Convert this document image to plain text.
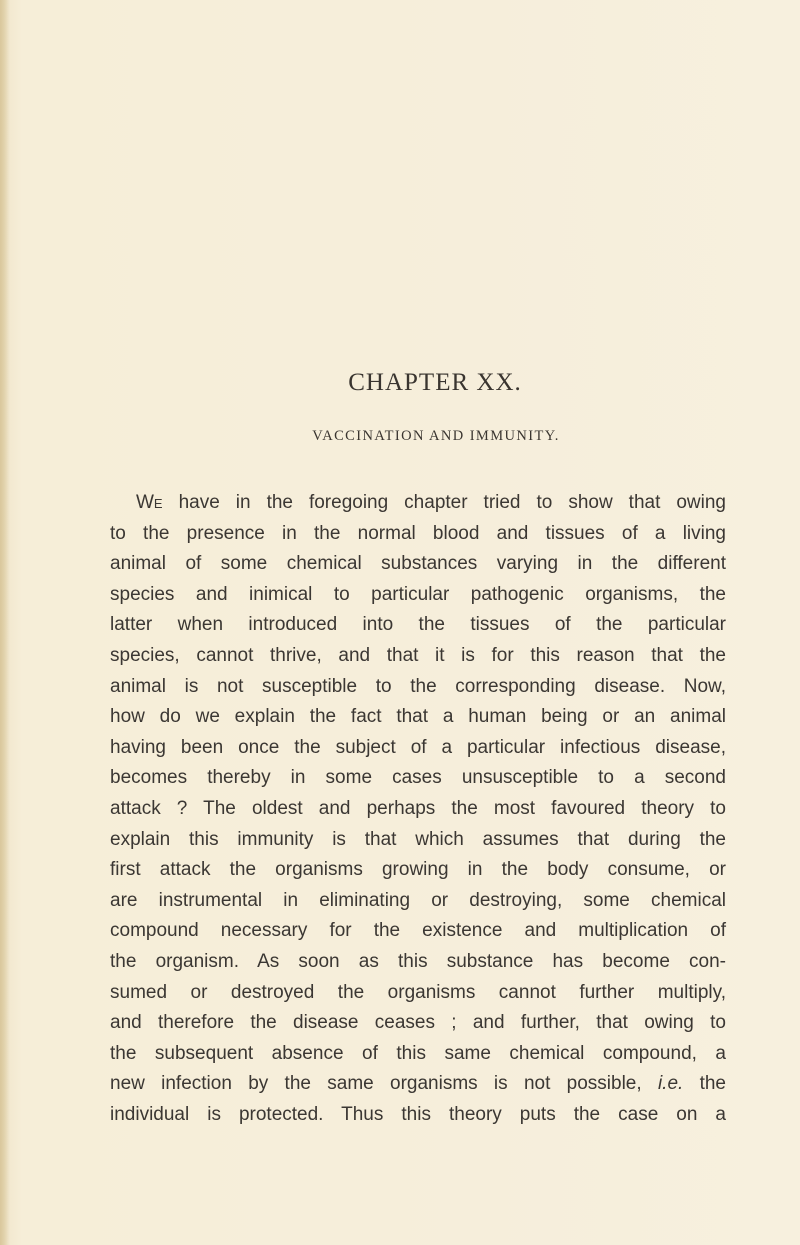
CHAPTER XX.
VACCINATION AND IMMUNITY.
We have in the foregoing chapter tried to show that owing
to the presence in the normal blood and tissues of a living
animal of some chemical substances varying in the different
species and inimical to particular pathogenic organisms, the
latter when introduced into the tissues of the particular
species, cannot thrive, and that it is for this reason that the
animal is not susceptible to the corresponding disease. Now,
how do we explain the fact that a human being or an animal
having been once the subject of a particular infectious disease,
becomes thereby in some cases unsusceptible to a second
attack ? The oldest and perhaps the most favoured theory to
explain this immunity is that which assumes that during the
first attack the organisms growing in the body consume, or
are instrumental in eliminating or destroying, some chemical
compound necessary for the existence and multiplication of
the organism. As soon as this substance has become con-
sumed or destroyed the organisms cannot further multiply,
and therefore the disease ceases ; and further, that owing to
the subsequent absence of this same chemical compound, a
new infection by the same organisms is not possible, i.e. the
individual is protected. Thus this theory puts the case on a
